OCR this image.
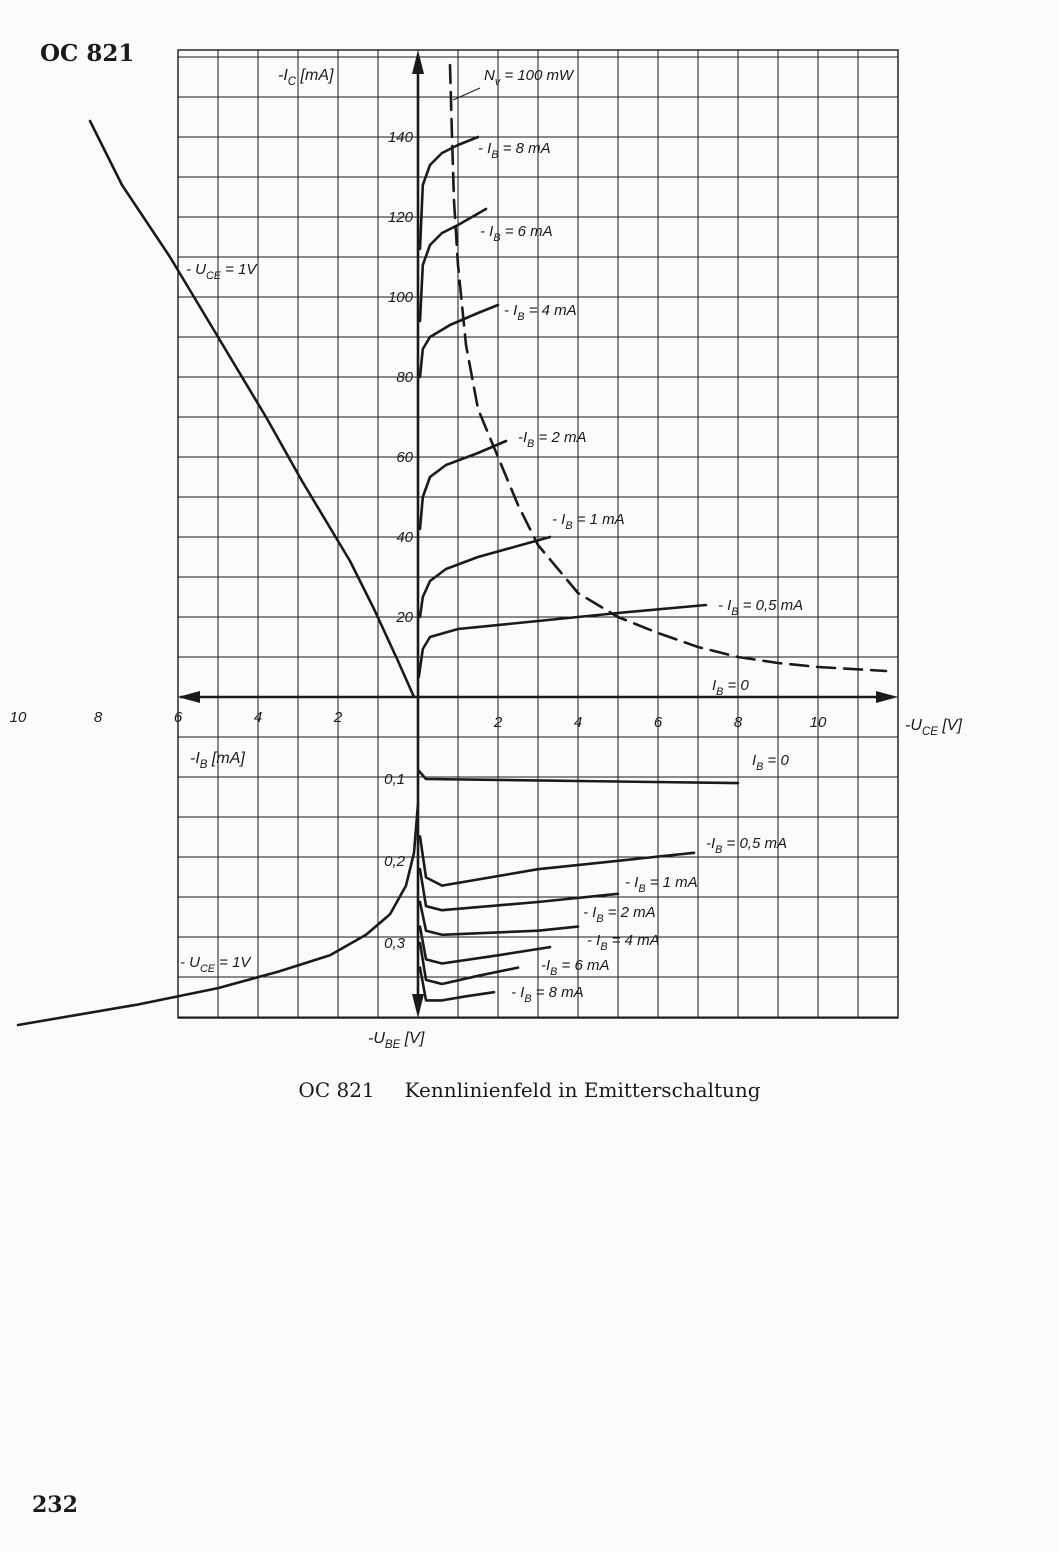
OC 821
$-I_C$ [mA]
$-U_{CE}$ [V]
$-I_B$ [mA]
$-U_{BE}$ [V]
2	4	6	8	10
20
40
60
80
100
120
140
10	8	6	4	2
0,1
0,2
0,3
- $I_B = 8$ mA
- $I_B = 6$ mA
- $I_B = 4$ mA
$-I_B = 2$ mA
- $I_B = 1$ mA
- $I_B = 0,5$ mA
$I_B = 0$
$N_v = 100$ mW
- $U_{CE} = 1V$
- $U_{CE} = 1V$
$I_B = 0$
$-I_B = 0,5$ mA
- $I_B = 1$ mA
- $I_B = 2$ mA
- $I_B = 4$ mA
$-I_B = 6$ mA
- $I_B = 8$ mA
OC 821 Kennlinienfeld in Emitterschaltung
232
